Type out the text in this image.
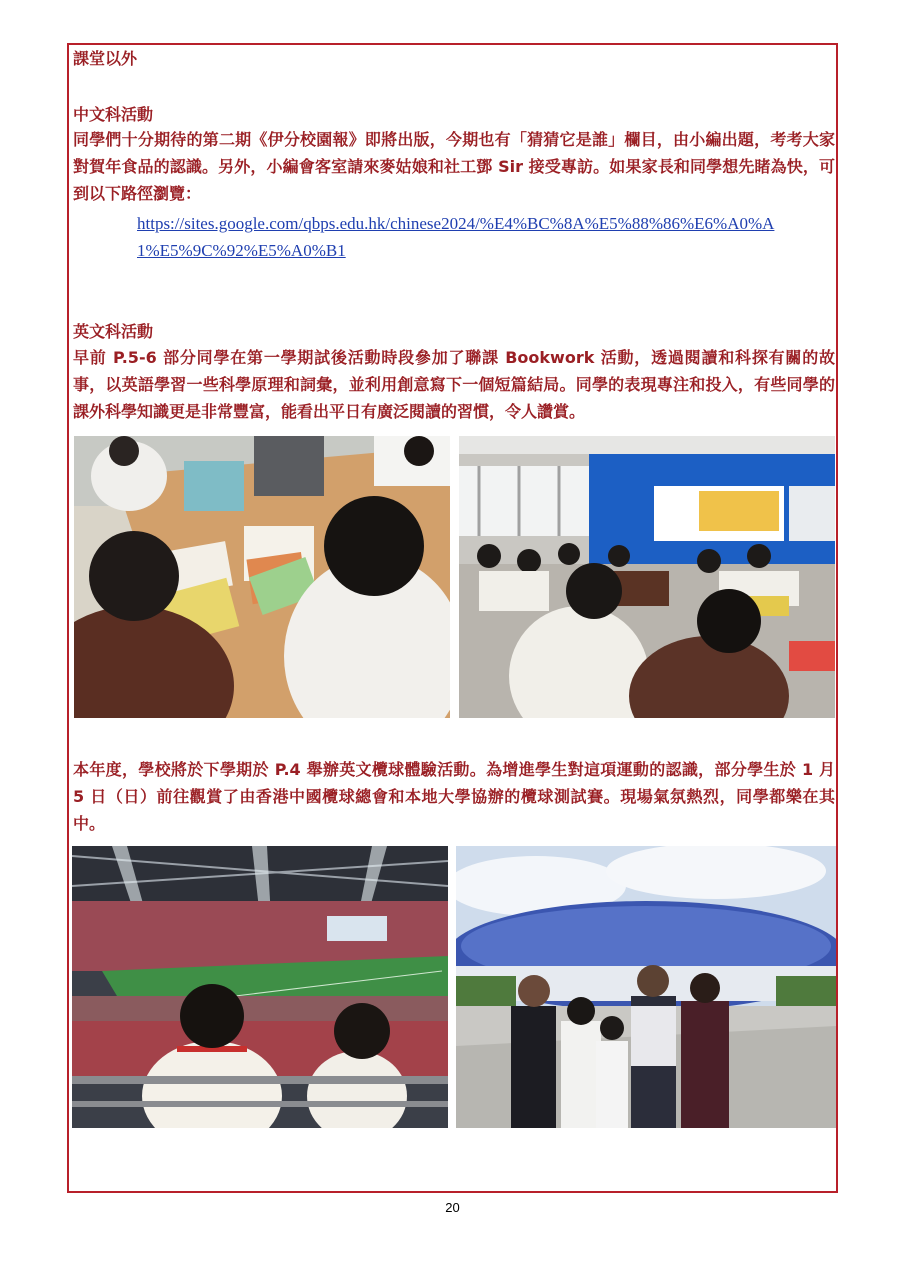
課堂以外

中文科活動

同學們十分期待的第二期《伊分校園報》即將出版，今期也有「猜猜它是誰」欄目，由小編出題，考考大家對賀年食品的認識。另外，小編會客室請來麥姑娘和社工鄧 Sir 接受專訪。如果家長和同學想先睹為快，可到以下路徑瀏覽：

https://sites.google.com/qbps.edu.hk/chinese2024/%E4%BC%8A%E5%88%86%E6%A0%A1%E5%9C%92%E5%A0%B1

英文科活動

早前 P.5-6 部分同學在第一學期試後活動時段參加了聯課 Bookwork 活動，透過閱讀和科探有關的故事，以英語學習一些科學原理和詞彙，並利用創意寫下一個短篇結局。同學的表現專注和投入，有些同學的課外科學知識更是非常豐富，能看出平日有廣泛閱讀的習慣，令人讚賞。

本年度，學校將於下學期於 P.4 舉辦英文欖球體驗活動。為增進學生對這項運動的認識，部分學生於 1 月 5 日（日）前往觀賞了由香港中國欖球總會和本地大學協辦的欖球測試賽。現場氣氛熱烈，同學都樂在其中。

20
